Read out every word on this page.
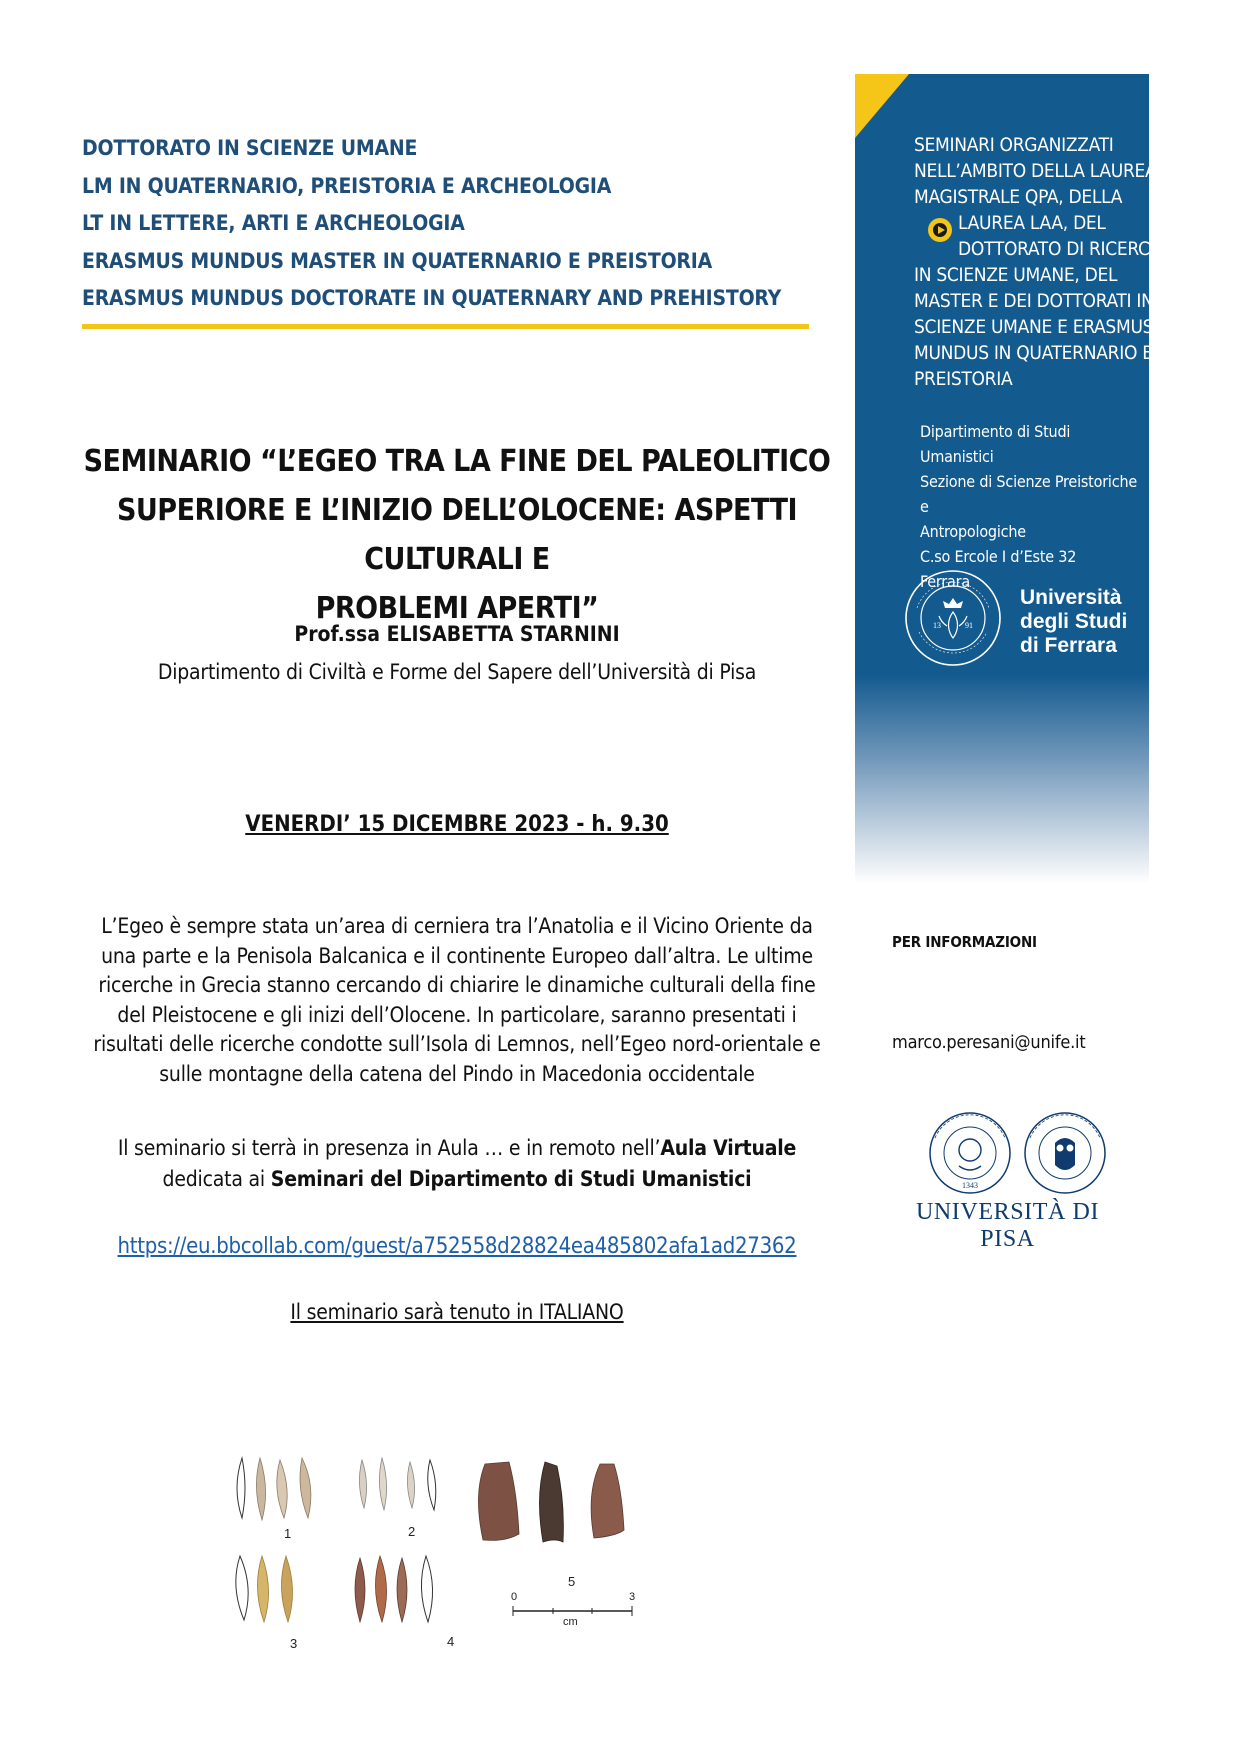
DOTTORATO IN SCIENZE UMANE
LM IN QUATERNARIO, PREISTORIA E ARCHEOLOGIA
LT IN LETTERE, ARTI E ARCHEOLOGIA
ERASMUS MUNDUS MASTER IN QUATERNARIO E PREISTORIA
ERASMUS MUNDUS DOCTORATE IN QUATERNARY AND PREHISTORY
SEMINARI ORGANIZZATI
NELL’AMBITO DELLA LAUREA
MAGISTRALE QPA, DELLA
LAUREA LAA, DEL
DOTTORATO DI RICERCA
IN SCIENZE UMANE, DEL
MASTER E DEI DOTTORATI IN
SCIENZE UMANE E ERASMUS
MUNDUS IN QUATERNARIO E
PREISTORIA
Dipartimento di Studi Umanistici
Sezione di Scienze Preistoriche e
Antropologiche
C.so Ercole I d’Este 32
Ferrara
13	91
Università
degli Studi
di Ferrara
SEMINARIO “L’EGEO TRA LA FINE DEL PALEOLITICO
SUPERIORE E L’INIZIO DELL’OLOCENE: ASPETTI CULTURALI E
PROBLEMI APERTI”
Prof.ssa ELISABETTA STARNINI
Dipartimento di Civiltà e Forme del Sapere dell’Università di Pisa
VENERDI’ 15 DICEMBRE 2023 - h. 9.30
L’Egeo è sempre stata un’area di cerniera tra l’Anatolia e il Vicino Oriente da
una parte e la Penisola Balcanica e il continente Europeo dall’altra. Le ultime
ricerche in Grecia stanno cercando di chiarire le dinamiche culturali della fine
del Pleistocene e gli inizi dell’Olocene. In particolare, saranno presentati i
risultati delle ricerche condotte sull’Isola di Lemnos, nell’Egeo nord-orientale e
sulle montagne della catena del Pindo in Macedonia occidentale
Il seminario si terrà in presenza in Aula … e in remoto nell’Aula Virtuale
dedicata ai Seminari del Dipartimento di Studi Umanistici
https://eu.bbcollab.com/guest/a752558d28824ea485802afa1ad27362
Il seminario sarà tenuto in ITALIANO
PER INFORMAZIONI
marco.peresani@unife.it
1343
UNIVERSITÀ DI PISA
1	2
3	4
5
0	3
cm
